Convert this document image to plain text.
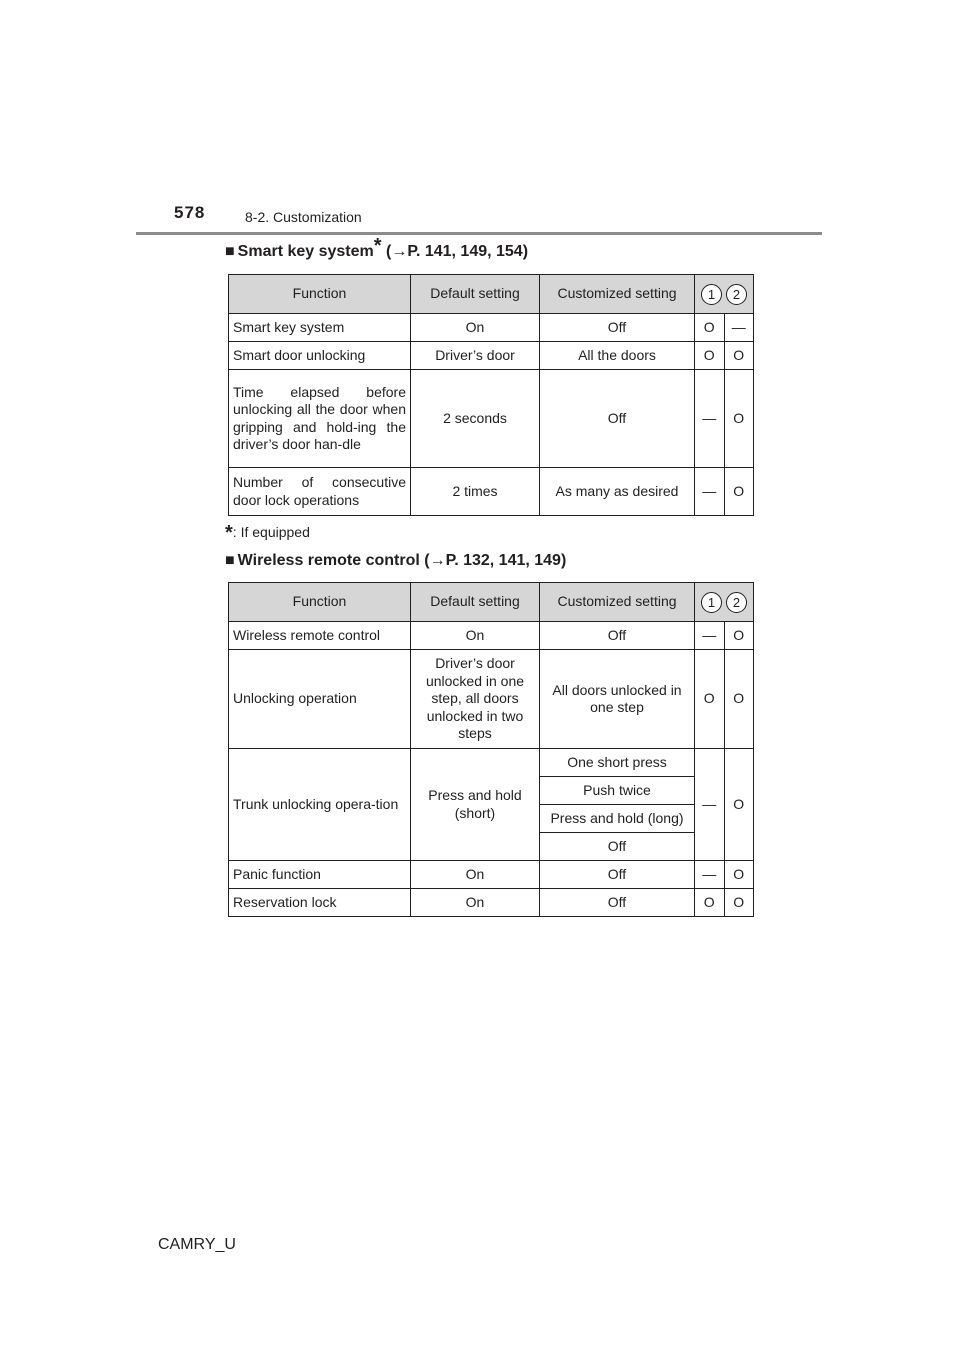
578	8-2. Customization
■ Smart key system* (→P. 141, 149, 154)
Function	Default setting	Customized setting	1 2	
Smart key system	On	Off	O	—
Smart door unlocking	Driver’s door	All the doors	O	O
Time elapsed before unlocking all the door when gripping and hold-ing the driver’s door han-dle	2 seconds	Off	—	O
Number of consecutive door lock operations	2 times	As many as desired	—	O
*: If equipped
■ Wireless remote control (→P. 132, 141, 149)
Function	Default setting	Customized setting	1 2	
Wireless remote control	On	Off	—	O
Unlocking operation	Driver’s door unlocked in one step, all doors unlocked in two steps	All doors unlocked in one step	O	O
Trunk unlocking opera-tion	Press and hold (short)	One short press	—	O
		Push twice		
		Press and hold (long)		
		Off		
Panic function	On	Off	—	O
Reservation lock	On	Off	O	O
CAMRY_U
